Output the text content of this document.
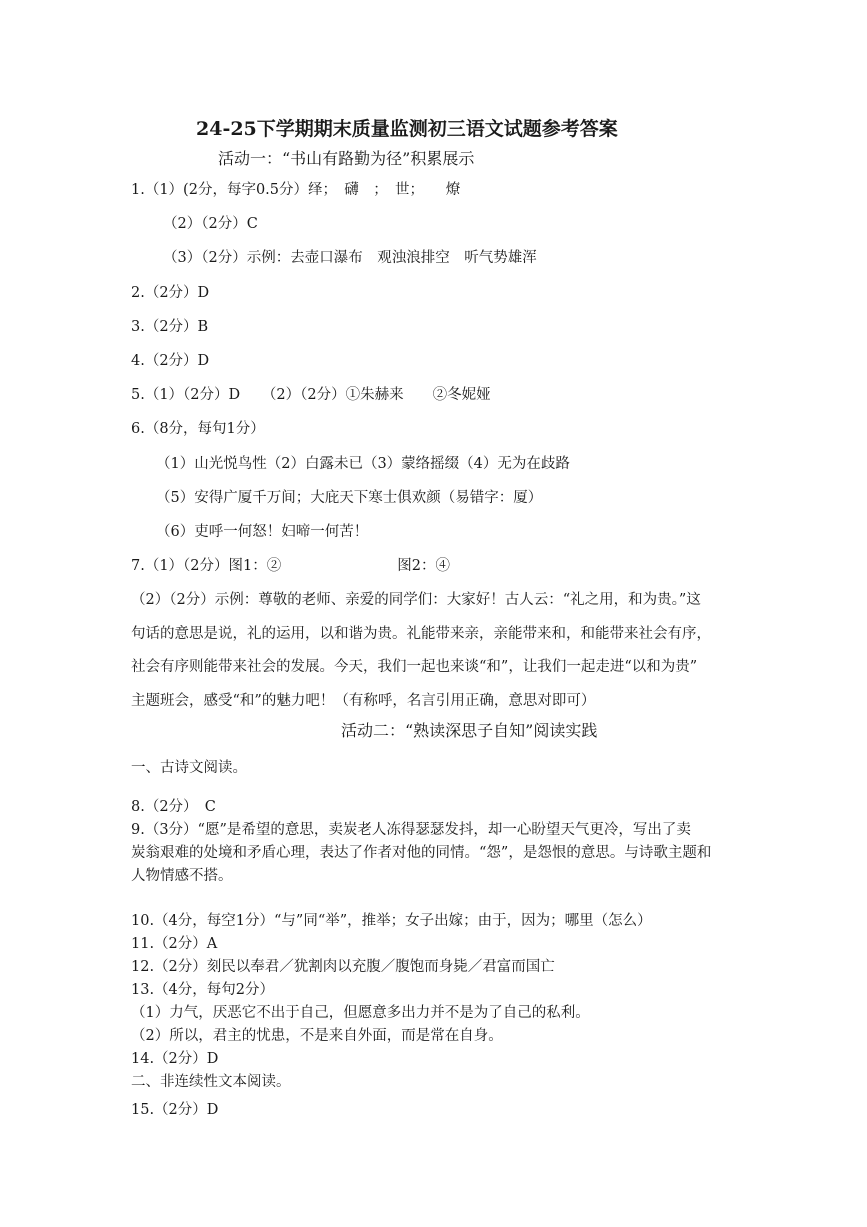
24-25下学期期末质量监测初三语文试题参考答案
活动一：“书山有路勤为径”积累展示
1.（1）(2分，每字0.5分）绎；　礴　；　世；　　燎
（2）（2分）C
（3）（2分）示例：去壶口瀑布　观浊浪排空　听气势雄浑
2.（2分）D
3.（2分）B
4.（2分）D
5.（1）（2分）D　　（2）（2分）①朱赫来　　②冬妮娅
6.（8分，每句1分）
（1）山光悦鸟性（2）白露未已（3）蒙络摇缀（4）无为在歧路
（5）安得广厦千万间；大庇天下寒士俱欢颜（易错字：厦）
（6）吏呼一何怒！妇啼一何苦！
7.（1）（2分）图1：②　　　　　　　　图2：④
（2）（2分）示例：尊敬的老师、亲爱的同学们：大家好！古人云：“礼之用，和为贵。”这
句话的意思是说，礼的运用，以和谐为贵。礼能带来亲，亲能带来和，和能带来社会有序，
社会有序则能带来社会的发展。今天，我们一起也来谈“和”，让我们一起走进“以和为贵”
主题班会，感受“和”的魅力吧！（有称呼，名言引用正确，意思对即可）
活动二：“熟读深思子自知”阅读实践
一、古诗文阅读。
8.（2分）　C
9.（3分）“愿”是希望的意思，卖炭老人冻得瑟瑟发抖，却一心盼望天气更冷，写出了卖
炭翁艰难的处境和矛盾心理，表达了作者对他的同情。“怨”，是怨恨的意思。与诗歌主题和
人物情感不搭。
10.（4分，每空1分）“与”同“举”，推举；女子出嫁；由于，因为；哪里（怎么）
11.（2分）A
12.（2分）刻民以奉君／犹割肉以充腹／腹饱而身毙／君富而国亡
13.（4分，每句2分）
（1）力气，厌恶它不出于自己，但愿意多出力并不是为了自己的私利。
（2）所以，君主的忧患，不是来自外面，而是常在自身。
14.（2分）D
二、非连续性文本阅读。
15.（2分）D
